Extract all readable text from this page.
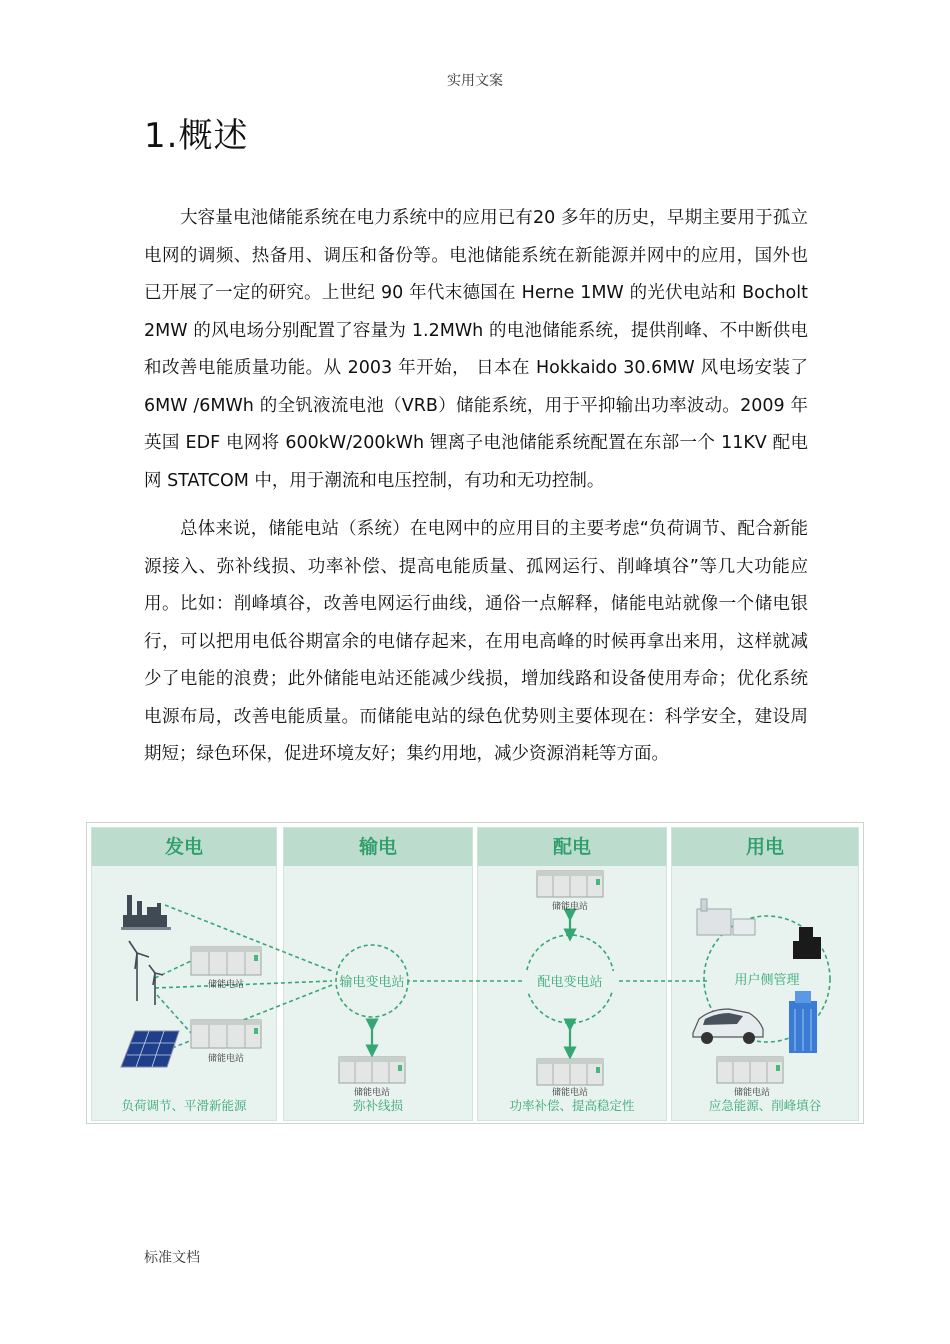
实用文案
1.概述

大容量电池储能系统在电力系统中的应用已有20 多年的历史，早期主要用于孤立电网的调频、热备用、调压和备份等。电池储能系统在新能源并网中的应用，国外也已开展了一定的研究。上世纪 90 年代末德国在 Herne 1MW 的光伏电站和 Bocholt 2MW 的风电场分别配置了容量为 1.2MWh 的电池储能系统，提供削峰、不中断供电和改善电能质量功能。从 2003 年开始， 日本在 Hokkaido 30.6MW 风电场安装了 6MW /6MWh 的全钒液流电池（VRB）储能系统，用于平抑输出功率波动。2009 年英国 EDF 电网将 600kW/200kWh 锂离子电池储能系统配置在东部一个 11KV 配电网 STATCOM 中，用于潮流和电压控制，有功和无功控制。

总体来说，储能电站（系统）在电网中的应用目的主要考虑“负荷调节、配合新能源接入、弥补线损、功率补偿、提高电能质量、孤网运行、削峰填谷”等几大功能应用。比如：削峰填谷，改善电网运行曲线，通俗一点解释，储能电站就像一个储电银行，可以把用电低谷期富余的电储存起来，在用电高峰的时候再拿出来用，这样就减少了电能的浪费；此外储能电站还能减少线损，增加线路和设备使用寿命；优化系统电源布局，改善电能质量。而储能电站的绿色优势则主要体现在：科学安全，建设周期短；绿色环保，促进环境友好；集约用地，减少资源消耗等方面。

发电
负荷调节、平滑新能源
输电
弥补线损
配电
功率补偿、提高稳定性
用电
应急能源、削峰填谷
输电变电站	配电变电站	用户侧管理
储能电站
储能电站
储能电站
储能电站
储能电站	储能电站
标准文档
